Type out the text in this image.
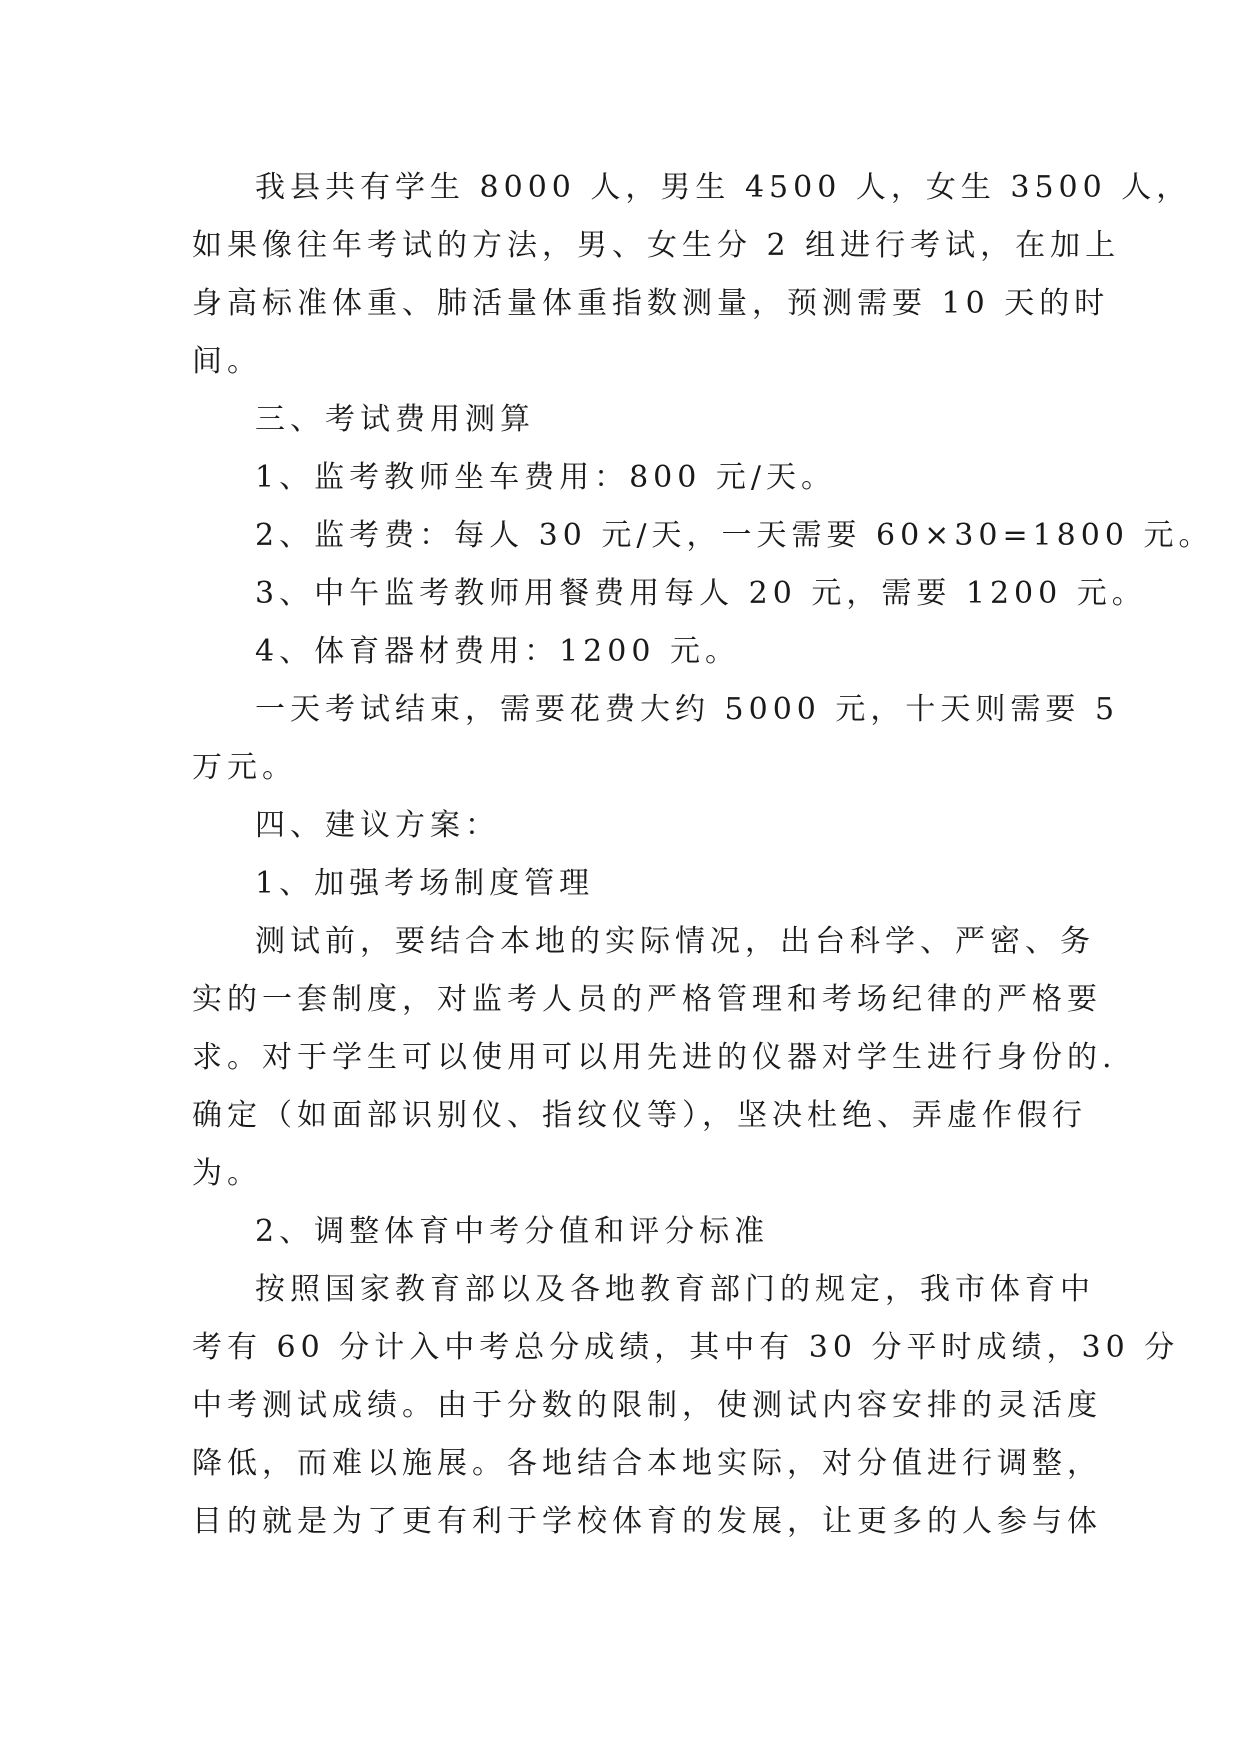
我县共有学生 8000 人，男生 4500 人，女生 3500 人，
如果像往年考试的方法，男、女生分 2 组进行考试，在加上
身高标准体重、肺活量体重指数测量，预测需要 10 天的时
间。
三、考试费用测算
1、监考教师坐车费用：800 元/天。
2、监考费：每人 30 元/天，一天需要 60×30=1800 元。
3、中午监考教师用餐费用每人 20 元，需要 1200 元。
4、体育器材费用：1200 元。
一天考试结束，需要花费大约 5000 元，十天则需要 5
万元。
四、建议方案：
1、加强考场制度管理
测试前，要结合本地的实际情况，出台科学、严密、务
实的一套制度，对监考人员的严格管理和考场纪律的严格要
求。对于学生可以使用可以用先进的仪器对学生进行身份的.
确定（如面部识别仪、指纹仪等），坚决杜绝、弄虚作假行
为。
2、调整体育中考分值和评分标准
按照国家教育部以及各地教育部门的规定，我市体育中
考有 60 分计入中考总分成绩，其中有 30 分平时成绩，30 分
中考测试成绩。由于分数的限制，使测试内容安排的灵活度
降低，而难以施展。各地结合本地实际，对分值进行调整，
目的就是为了更有利于学校体育的发展，让更多的人参与体
